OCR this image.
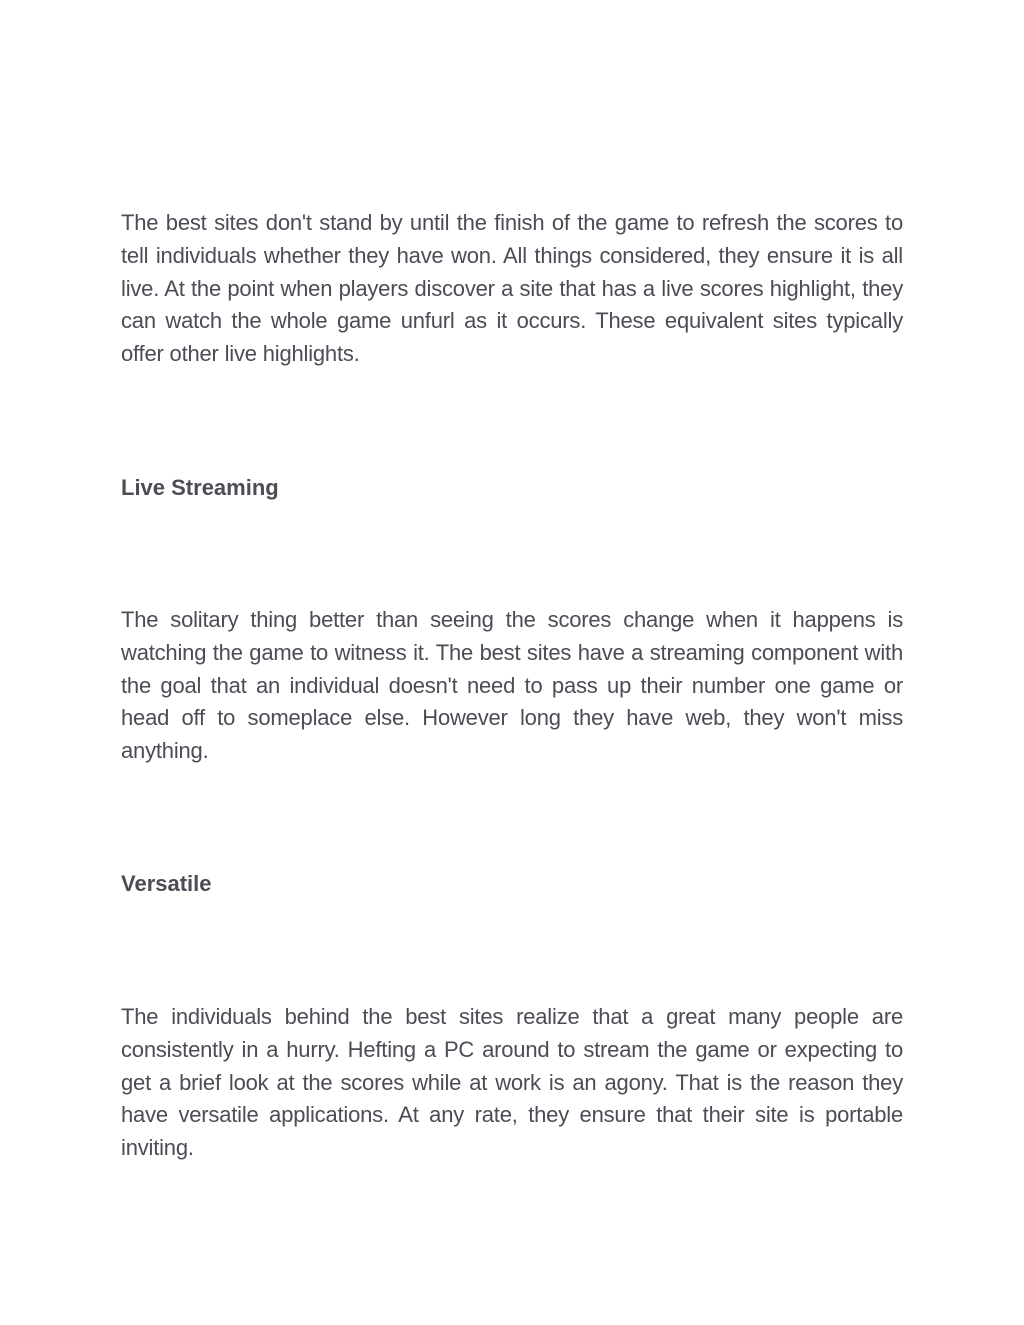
The best sites don't stand by until the finish of the game to refresh the scores to tell individuals whether they have won. All things considered, they ensure it is all live. At the point when players discover a site that has a live scores highlight, they can watch the whole game unfurl as it occurs. These equivalent sites typically offer other live highlights.

Live Streaming

The solitary thing better than seeing the scores change when it happens is watching the game to witness it. The best sites have a streaming component with the goal that an individual doesn't need to pass up their number one game or head off to someplace else. However long they have web, they won't miss anything.

Versatile

The individuals behind the best sites realize that a great many people are consistently in a hurry. Hefting a PC around to stream the game or expecting to get a brief look at the scores while at work is an agony. That is the reason they have versatile applications. At any rate, they ensure that their site is portable inviting.
